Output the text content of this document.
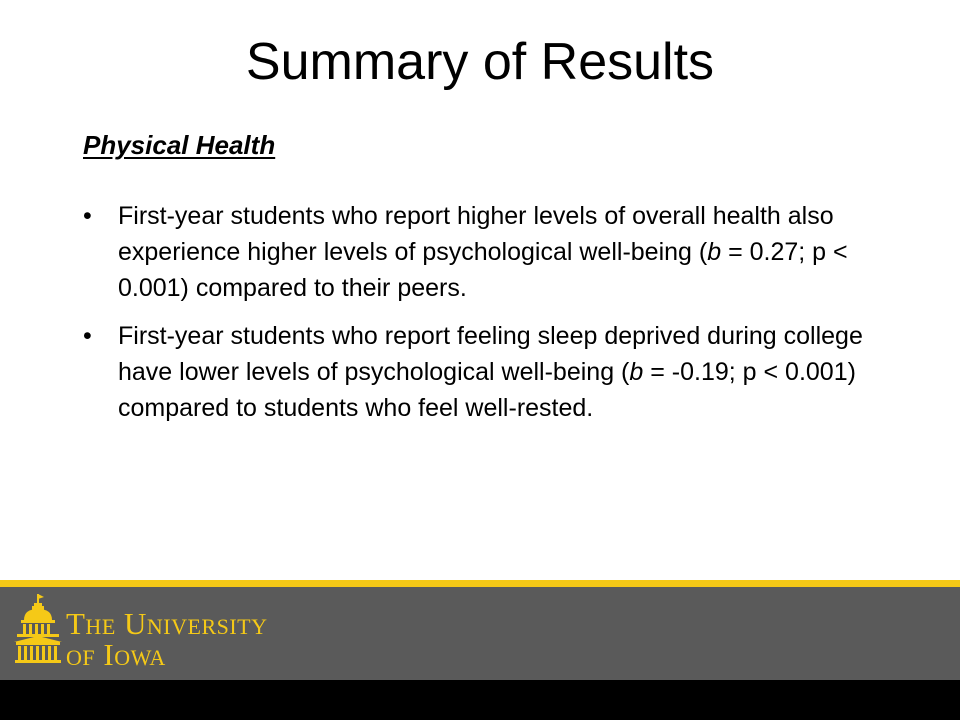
Summary of Results
Physical Health
• First-year students who report higher levels of overall health also experience higher levels of psychological well-being (b = 0.27; p < 0.001) compared to their peers.
• First-year students who report feeling sleep deprived during college have lower levels of psychological well-being (b = -0.19; p < 0.001) compared to students who feel well-rested.
The University
of Iowa
